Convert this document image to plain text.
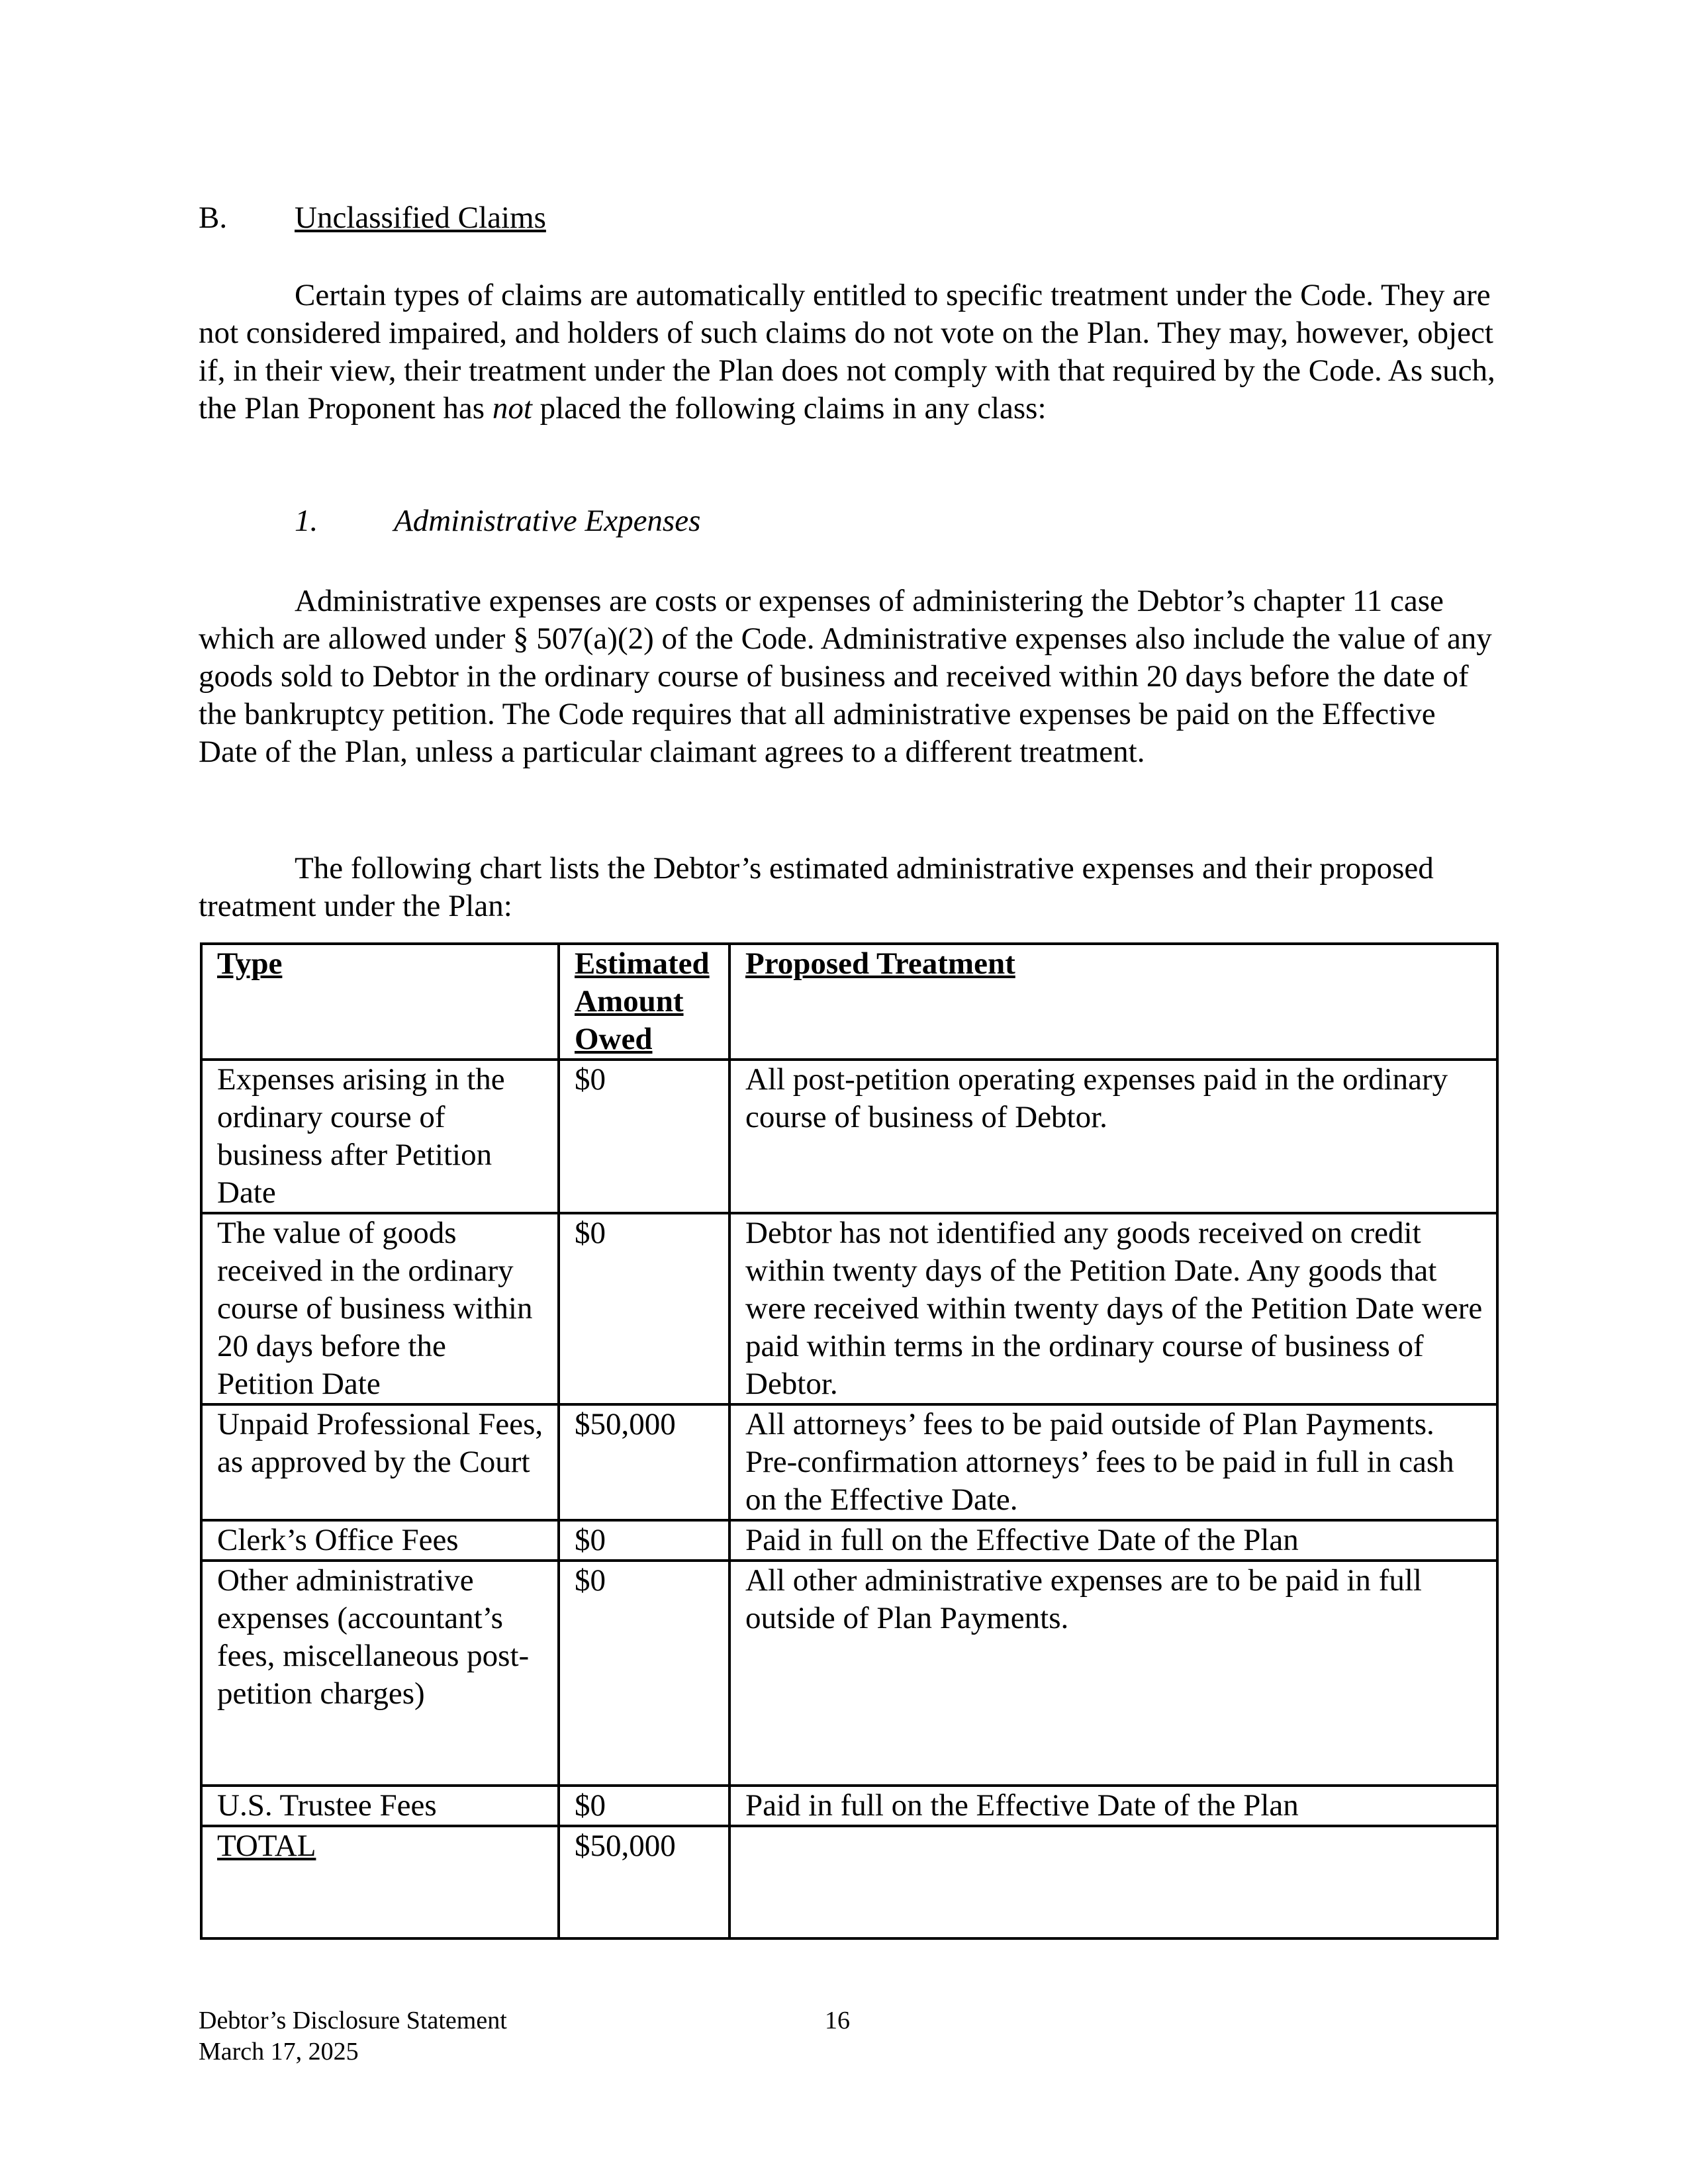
B. Unclassified Claims

Certain types of claims are automatically entitled to specific treatment under the Code. They are not considered impaired, and holders of such claims do not vote on the Plan. They may, however, object if, in their view, their treatment under the Plan does not comply with that required by the Code. As such, the Plan Proponent has not placed the following claims in any class:

1. Administrative Expenses

Administrative expenses are costs or expenses of administering the Debtor’s chapter 11 case which are allowed under § 507(a)(2) of the Code. Administrative expenses also include the value of any goods sold to Debtor in the ordinary course of business and received within 20 days before the date of the bankruptcy petition. The Code requires that all administrative expenses be paid on the Effective Date of the Plan, unless a particular claimant agrees to a different treatment.

The following chart lists the Debtor’s estimated administrative expenses and their proposed treatment under the Plan:

Type	Estimated Amount Owed	Proposed Treatment
Expenses arising in the ordinary course of business after Petition Date	$0	All post-petition operating expenses paid in the ordinary course of business of Debtor.
The value of goods received in the ordinary course of business within 20 days before the Petition Date	$0	Debtor has not identified any goods received on credit within twenty days of the Petition Date. Any goods that were received within twenty days of the Petition Date were paid within terms in the ordinary course of business of Debtor.
Unpaid Professional Fees, as approved by the Court	$50,000	All attorneys’ fees to be paid outside of Plan Payments. Pre-confirmation attorneys’ fees to be paid in full in cash on the Effective Date.
Clerk’s Office Fees	$0	Paid in full on the Effective Date of the Plan
Other administrative expenses (accountant’s fees, miscellaneous post-petition charges)	$0	All other administrative expenses are to be paid in full outside of Plan Payments.
U.S. Trustee Fees	$0	Paid in full on the Effective Date of the Plan
TOTAL	$50,000	
Debtor’s Disclosure Statement
March 17, 2025
16
